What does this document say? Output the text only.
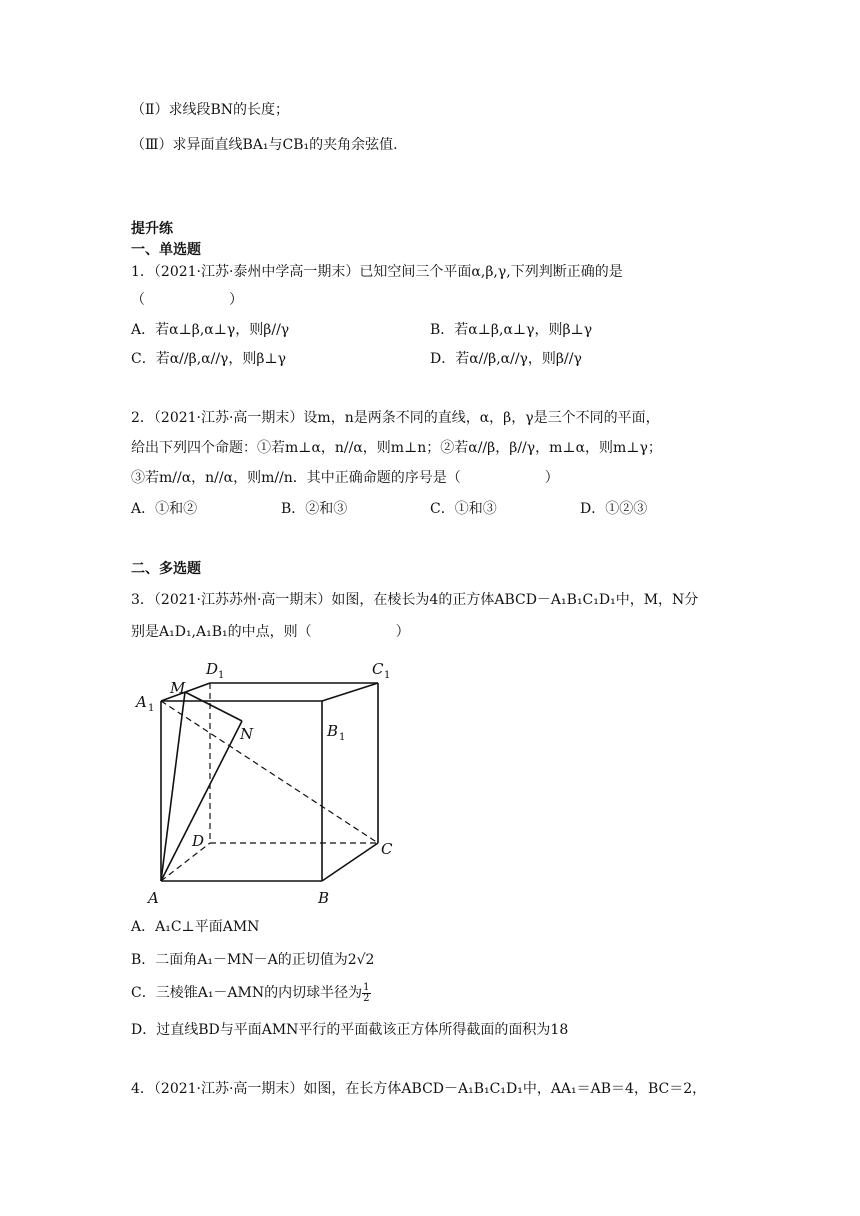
（Ⅱ）求线段BN的长度；
（Ⅲ）求异面直线BA₁与CB₁的夹角余弦值.
提升练
一、单选题
1．（2021·江苏·泰州中学高一期末）已知空间三个平面α,β,γ,下列判断正确的是
（　　　　　　）
A．若α⊥β,α⊥γ，则β//γ	B．若α⊥β,α⊥γ，则β⊥γ
C．若α//β,α//γ，则β⊥γ	D．若α//β,α//γ，则β//γ
2．（2021·江苏·高一期末）设m，n是两条不同的直线，α，β，γ是三个不同的平面，
给出下列四个命题：①若m⊥α，n//α，则m⊥n；②若α//β，β//γ，m⊥α，则m⊥γ；
③若m//α，n//α，则m//n．其中正确命题的序号是（　　　　　　）
A．①和②	B．②和③	C．①和③	D．①②③
二、多选题
3．（2021·江苏苏州·高一期末）如图，在棱长为4的正方体ABCD－A₁B₁C₁D₁中，M，N分
别是A₁D₁,A₁B₁的中点，则（　　　　　　）
D 1	C 1
M
A 1
N	B 1
D	C
A	B
A．A₁C⊥平面AMN
B．二面角A₁－MN－A的正切值为2√2
C．三棱锥A₁－AMN的内切球半径为 $\frac{1}{2}$
D．过直线BD与平面AMN平行的平面截该正方体所得截面的面积为18
4．（2021·江苏·高一期末）如图，在长方体ABCD－A₁B₁C₁D₁中，AA₁＝AB＝4，BC＝2，
